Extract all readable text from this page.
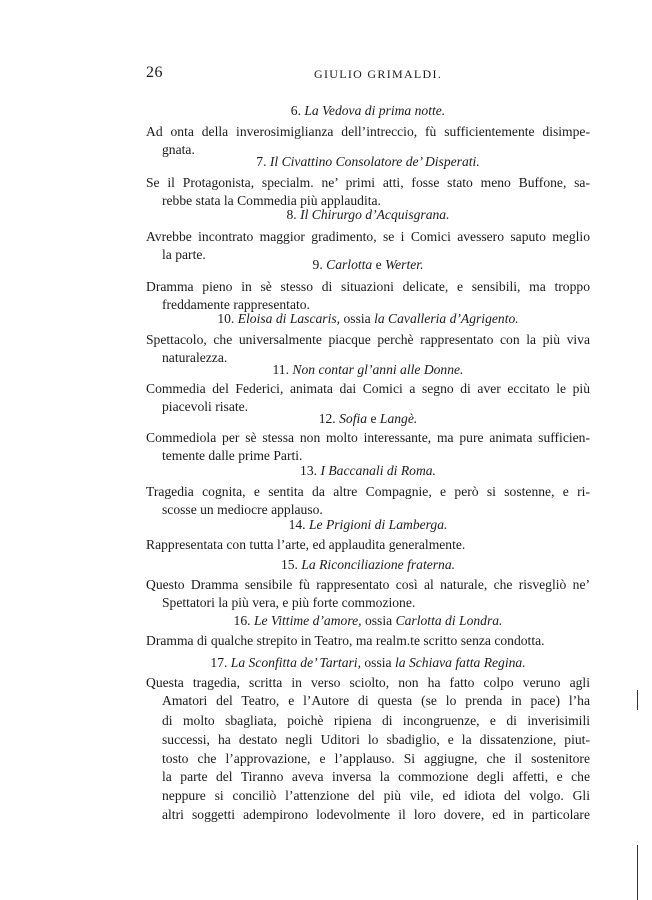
26	GIULIO GRIMALDI.
6. La Vedova di prima notte.
Ad onta della inverosimiglianza dell’intreccio, fù sufficientemente disimpe-
gnata.
7. Il Civattino Consolatore de’ Disperati.
Se il Protagonista, specialm. ne’ primi atti, fosse stato meno Buffone, sa-
rebbe stata la Commedia più applaudita.
8. Il Chirurgo d’Acquisgrana.
Avrebbe incontrato maggior gradimento, se i Comici avessero saputo meglio
la parte.
9. Carlotta e Werter.
Dramma pieno in sè stesso di situazioni delicate, e sensibili, ma troppo
freddamente rappresentato.
10. Eloisa di Lascaris, ossia la Cavalleria d’Agrigento.
Spettacolo, che universalmente piacque perchè rappresentato con la più viva
naturalezza.
11. Non contar gl’anni alle Donne.
Commedia del Federici, animata dai Comici a segno di aver eccitato le più
piacevoli risate.
12. Sofia e Langè.
Commediola per sè stessa non molto interessante, ma pure animata sufficien-
temente dalle prime Parti.
13. I Baccanali di Roma.
Tragedia cognita, e sentita da altre Compagnie, e però si sostenne, e ri-
scosse un mediocre applauso.
14. Le Prigioni di Lamberga.
Rappresentata con tutta l’arte, ed applaudita generalmente.
15. La Riconciliazione fraterna.
Questo Dramma sensibile fù rappresentato così al naturale, che risvegliò ne’
Spettatori la più vera, e più forte commozione.
16. Le Vittime d’amore, ossia Carlotta di Londra.
Dramma di qualche strepito in Teatro, ma realm.te scritto senza condotta.
17. La Sconfitta de’ Tartari, ossia la Schiava fatta Regina.
Questa tragedia, scritta in verso sciolto, non ha fatto colpo veruno agli
Amatori del Teatro, e l’Autore di questa (se lo prenda in pace) l’ha
di molto sbagliata, poichè ripiena di incongruenze, e di inverisimili
successi, ha destato negli Uditori lo sbadiglio, e la dissatenzione, piut-
tosto che l’approvazione, e l’applauso. Si aggiugne, che il sostenitore
la parte del Tiranno aveva inversa la commozione degli affetti, e che
neppure si conciliò l’attenzione del più vile, ed idiota del volgo. Gli
altri soggetti adempirono lodevolmente il loro dovere, ed in particolare
